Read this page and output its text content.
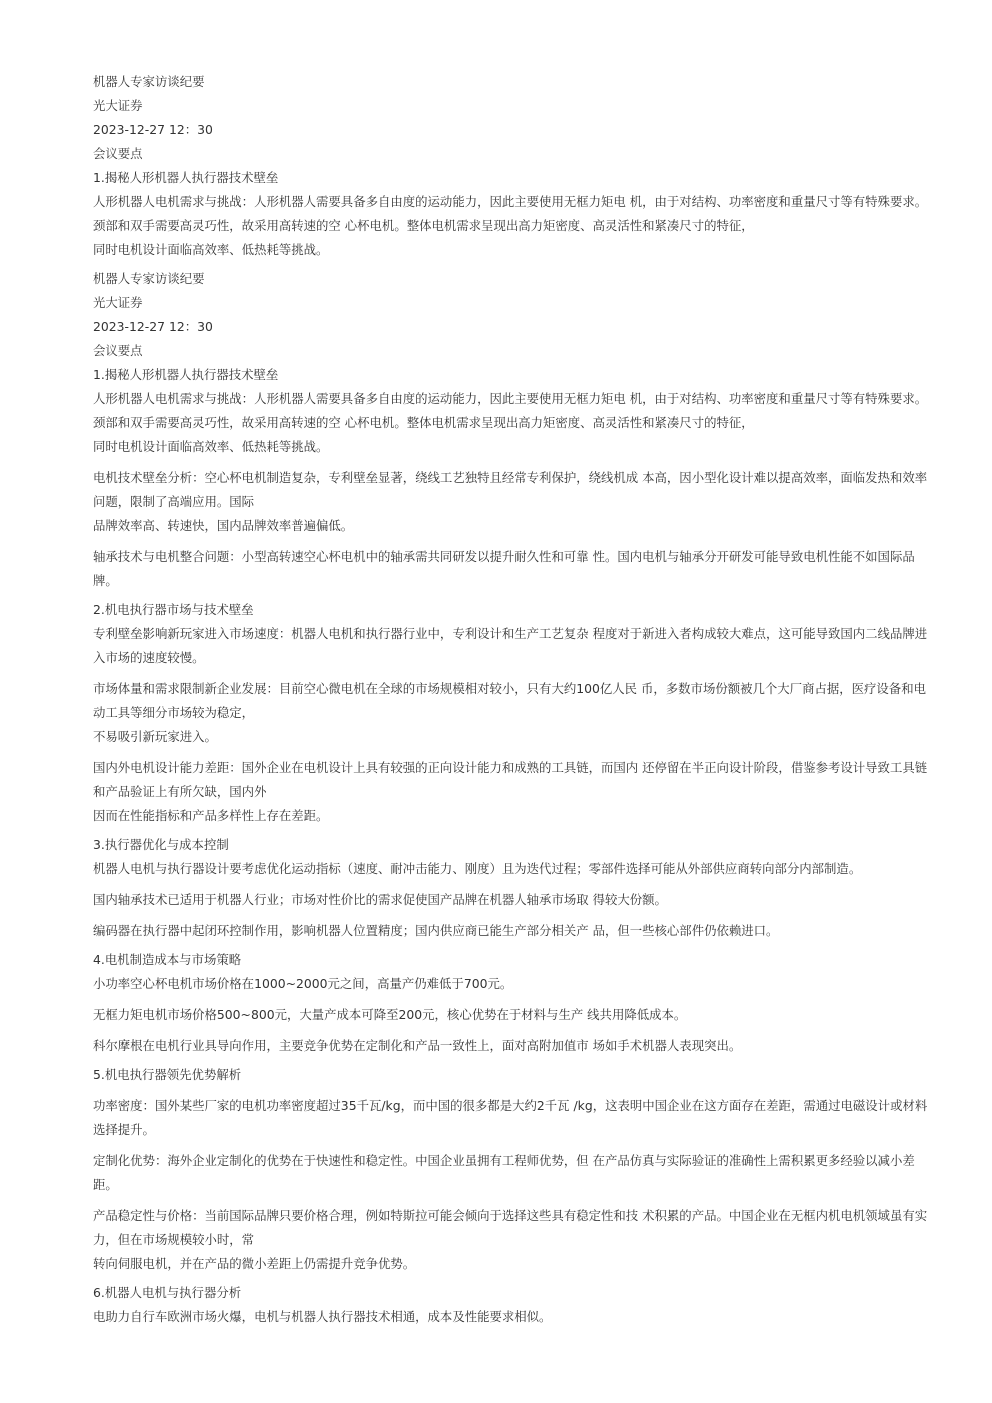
机器人专家访谈纪要
光大证券
2023-12-27 12：30
会议要点
1.揭秘人形机器人执行器技术壁垒
人形机器人电机需求与挑战：人形机器人需要具备多自由度的运动能力，因此主要使用无框力矩电 机，由于对结构、功率密度和重量尺寸等有特殊要求。颈部和双手需要高灵巧性，故采用高转速的空 心杯电机。整体电机需求呈现出高力矩密度、高灵活性和紧凑尺寸的特征，
同时电机设计面临高效率、低热耗等挑战。
机器人专家访谈纪要
光大证券
2023-12-27 12：30
会议要点
1.揭秘人形机器人执行器技术壁垒
人形机器人电机需求与挑战：人形机器人需要具备多自由度的运动能力，因此主要使用无框力矩电 机，由于对结构、功率密度和重量尺寸等有特殊要求。颈部和双手需要高灵巧性，故采用高转速的空 心杯电机。整体电机需求呈现出高力矩密度、高灵活性和紧凑尺寸的特征，
同时电机设计面临高效率、低热耗等挑战。
电机技术壁垒分析：空心杯电机制造复杂，专利壁垒显著，绕线工艺独特且经常专利保护，绕线机成 本高，因小型化设计难以提高效率，面临发热和效率问题，限制了高端应用。国际
品牌效率高、转速快，国内品牌效率普遍偏低。
轴承技术与电机整合问题：小型高转速空心杯电机中的轴承需共同研发以提升耐久性和可靠 性。国内电机与轴承分开研发可能导致电机性能不如国际品牌。
2.机电执行器市场与技术壁垒
专利壁垒影响新玩家进入市场速度：机器人电机和执行器行业中，专利设计和生产工艺复杂 程度对于新进入者构成较大难点，这可能导致国内二线品牌进入市场的速度较慢。
市场体量和需求限制新企业发展：目前空心微电机在全球的市场规模相对较小，只有大约100亿人民 币，多数市场份额被几个大厂商占据，医疗设备和电动工具等细分市场较为稳定，
不易吸引新玩家进入。
国内外电机设计能力差距：国外企业在电机设计上具有较强的正向设计能力和成熟的工具链，而国内 还停留在半正向设计阶段，借鉴参考设计导致工具链和产品验证上有所欠缺，国内外
因而在性能指标和产品多样性上存在差距。
3.执行器优化与成本控制
机器人电机与执行器设计要考虑优化运动指标（速度、耐冲击能力、刚度）且为迭代过程；零部件选择可能从外部供应商转向部分内部制造。
国内轴承技术已适用于机器人行业；市场对性价比的需求促使国产品牌在机器人轴承市场取 得较大份额。
编码器在执行器中起闭环控制作用，影响机器人位置精度；国内供应商已能生产部分相关产 品，但一些核心部件仍依赖进口。
4.电机制造成本与市场策略
小功率空心杯电机市场价格在1000~2000元之间，高量产仍难低于700元。
无框力矩电机市场价格500~800元，大量产成本可降至200元，核心优势在于材料与生产 线共用降低成本。
科尔摩根在电机行业具导向作用，主要竞争优势在定制化和产品一致性上，面对高附加值市 场如手术机器人表现突出。
5.机电执行器领先优势解析
功率密度：国外某些厂家的电机功率密度超过35千瓦/kg，而中国的很多都是大约2千瓦 /kg，这表明中国企业在这方面存在差距，需通过电磁设计或材料选择提升。
定制化优势：海外企业定制化的优势在于快速性和稳定性。中国企业虽拥有工程师优势，但 在产品仿真与实际验证的准确性上需积累更多经验以减小差距。
产品稳定性与价格：当前国际品牌只要价格合理，例如特斯拉可能会倾向于选择这些具有稳定性和技 术积累的产品。中国企业在无框内机电机领域虽有实力，但在市场规模较小时，常
转向伺服电机，并在产品的微小差距上仍需提升竞争优势。
6.机器人电机与执行器分析
电助力自行车欧洲市场火爆，电机与机器人执行器技术相通，成本及性能要求相似。
